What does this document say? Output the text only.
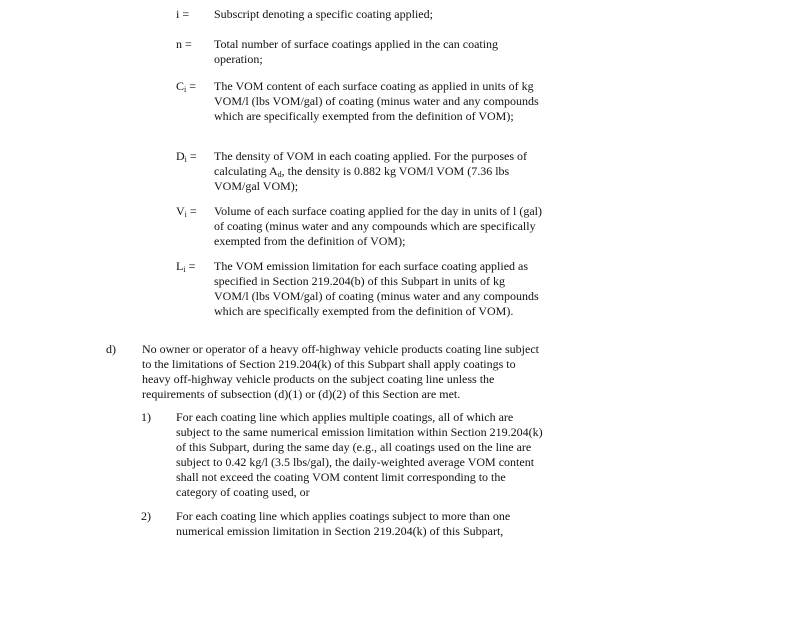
i = Subscript denoting a specific coating applied;
n = Total number of surface coatings applied in the can coating operation;
$C_i$ = The VOM content of each surface coating as applied in units of kg VOM/l (lbs VOM/gal) of coating (minus water and any compounds which are specifically exempted from the definition of VOM);
$D_i$ = The density of VOM in each coating applied. For the purposes of calculating $A_d$, the density is 0.882 kg VOM/l VOM (7.36 lbs VOM/gal VOM);
$V_i$ = Volume of each surface coating applied for the day in units of l (gal) of coating (minus water and any compounds which are specifically exempted from the definition of VOM);
$L_i$ = The VOM emission limitation for each surface coating applied as specified in Section 219.204(b) of this Subpart in units of kg VOM/l (lbs VOM/gal) of coating (minus water and any compounds which are specifically exempted from the definition of VOM).
d) No owner or operator of a heavy off-highway vehicle products coating line subject to the limitations of Section 219.204(k) of this Subpart shall apply coatings to heavy off-highway vehicle products on the subject coating line unless the requirements of subsection (d)(1) or (d)(2) of this Section are met.
1) For each coating line which applies multiple coatings, all of which are subject to the same numerical emission limitation within Section 219.204(k) of this Subpart, during the same day (e.g., all coatings used on the line are subject to 0.42 kg/l (3.5 lbs/gal), the daily-weighted average VOM content shall not exceed the coating VOM content limit corresponding to the category of coating used, or
2) For each coating line which applies coatings subject to more than one numerical emission limitation in Section 219.204(k) of this Subpart,
